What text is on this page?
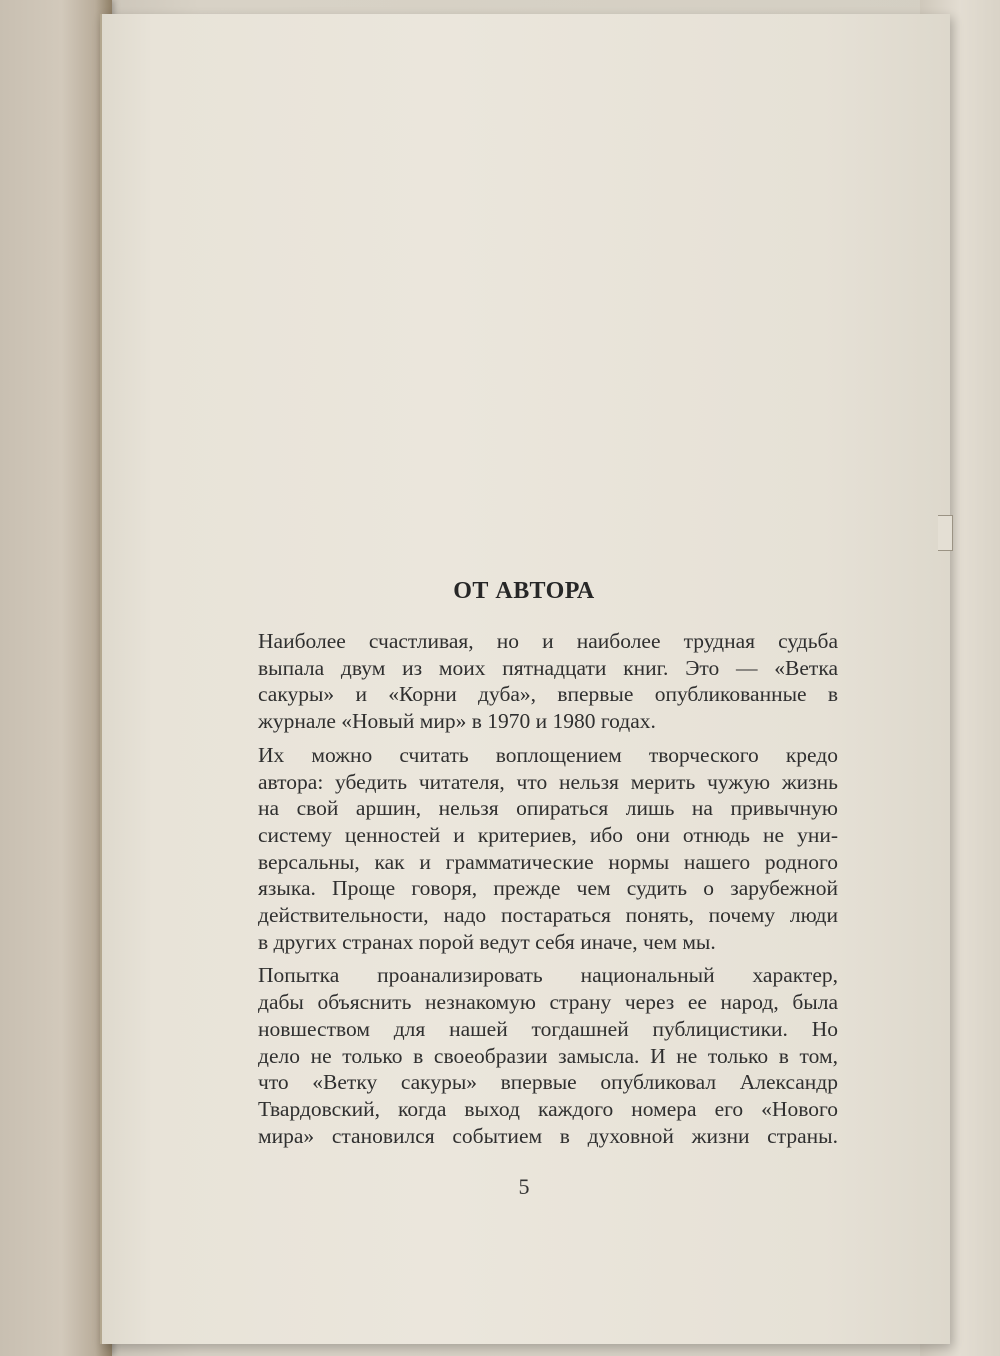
ОТ АВТОРА

Наиболее счастливая, но и наиболее трудная судьба
выпала двум из моих пятнадцати книг. Это — «Ветка
сакуры» и «Корни дуба», впервые опубликованные в
журнале «Новый мир» в 1970 и 1980 годах.

Их можно считать воплощением творческого кредо
автора: убедить читателя, что нельзя мерить чужую жизнь
на свой аршин, нельзя опираться лишь на привычную
систему ценностей и критериев, ибо они отнюдь не уни-
версальны, как и грамматические нормы нашего родного
языка. Проще говоря, прежде чем судить о зарубежной
действительности, надо постараться понять, почему люди
в других странах порой ведут себя иначе, чем мы.

Попытка проанализировать национальный характер,
дабы объяснить незнакомую страну через ее народ, была
новшеством для нашей тогдашней публицистики. Но
дело не только в своеобразии замысла. И не только в том,
что «Ветку сакуры» впервые опубликовал Александр
Твардовский, когда выход каждого номера его «Нового
мира» становился событием в духовной жизни страны.

5
